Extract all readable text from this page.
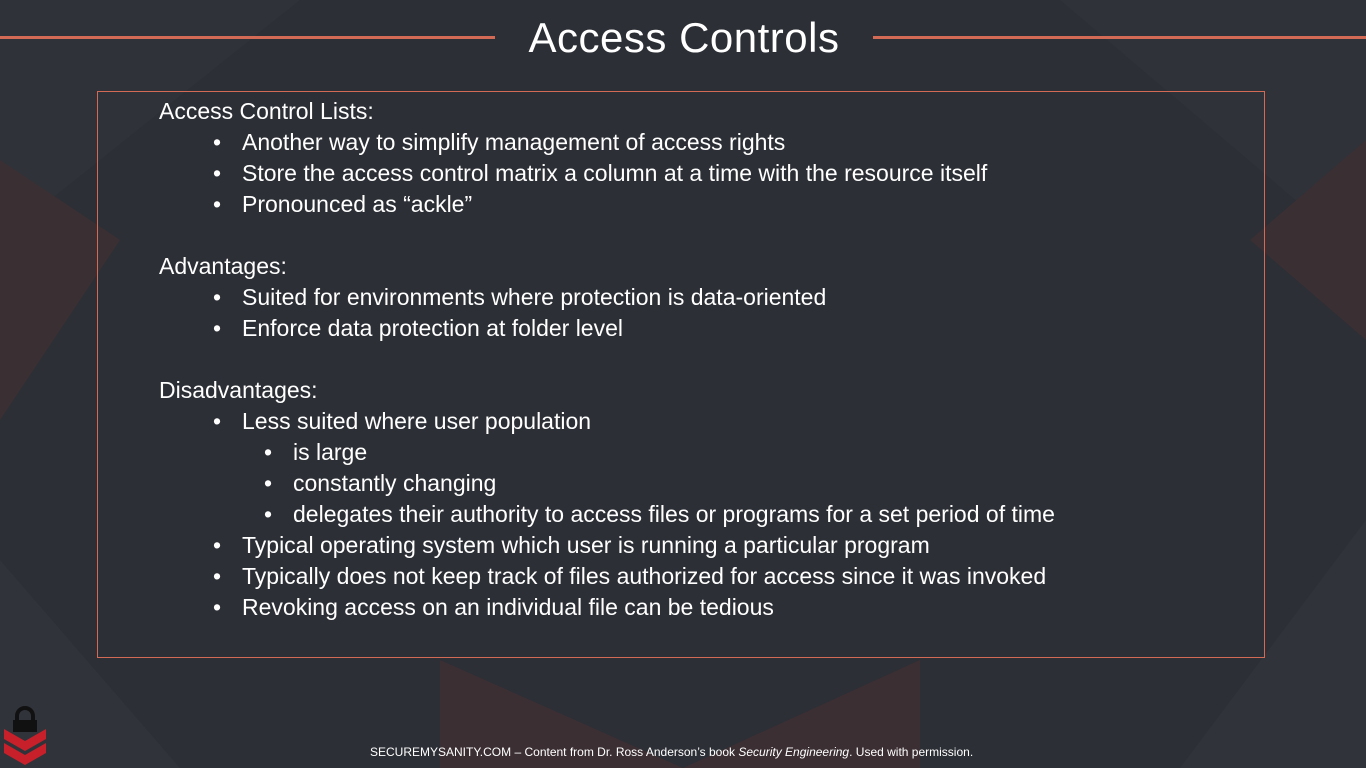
Access Controls
Access Control Lists:
• Another way to simplify management of access rights
• Store the access control matrix a column at a time with the resource itself
• Pronounced as “ackle”
Advantages:
• Suited for environments where protection is data-oriented
• Enforce data protection at folder level
Disadvantages:
• Less suited where user population
• is large
• constantly changing
• delegates their authority to access files or programs for a set period of time
• Typical operating system which user is running a particular program
• Typically does not keep track of files authorized for access since it was invoked
• Revoking access on an individual file can be tedious
SECUREMYSANITY.COM – Content from Dr. Ross Anderson’s book Security Engineering. Used with permission.
